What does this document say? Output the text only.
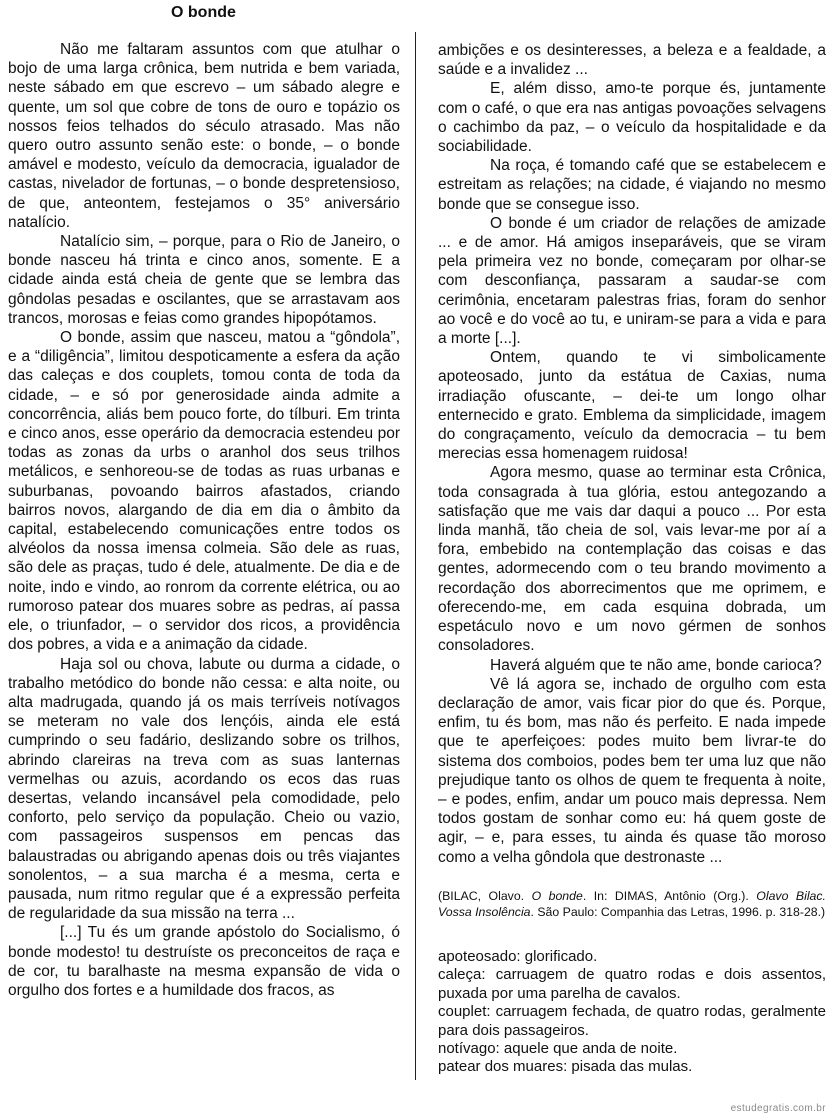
O bonde

Não me faltaram assuntos com que atulhar o bojo de uma larga crônica, bem nutrida e bem variada, neste sábado em que escrevo – um sábado alegre e quente, um sol que cobre de tons de ouro e topázio os nossos feios telhados do século atrasado. Mas não quero outro assunto senão este: o bonde, – o bonde amável e modesto, veículo da democracia, igualador de castas, nivelador de fortunas, – o bonde despretensioso, de que, anteontem, festejamos o 35° aniversário natalício.

Natalício sim, – porque, para o Rio de Janeiro, o bonde nasceu há trinta e cinco anos, somente. E a cidade ainda está cheia de gente que se lembra das gôndolas pesadas e oscilantes, que se arrastavam aos trancos, morosas e feias como grandes hipopótamos.

O bonde, assim que nasceu, matou a “gôndola”, e a “diligência”, limitou despoticamente a esfera da ação das caleças e dos couplets, tomou conta de toda da cidade, – e só por generosidade ainda admite a concorrência, aliás bem pouco forte, do tílburi. Em trinta e cinco anos, esse operário da democracia estendeu por todas as zonas da urbs o aranhol dos seus trilhos metálicos, e senhoreou-se de todas as ruas urbanas e suburbanas, povoando bairros afastados, criando bairros novos, alargando de dia em dia o âmbito da capital, estabelecendo comunicações entre todos os alvéolos da nossa imensa colmeia. São dele as ruas, são dele as praças, tudo é dele, atualmente. De dia e de noite, indo e vindo, ao ronrom da corrente elétrica, ou ao rumoroso patear dos muares sobre as pedras, aí passa ele, o triunfador, – o servidor dos ricos, a providência dos pobres, a vida e a animação da cidade.

Haja sol ou chova, labute ou durma a cidade, o trabalho metódico do bonde não cessa: e alta noite, ou alta madrugada, quando já os mais terríveis notívagos se meteram no vale dos lençóis, ainda ele está cumprindo o seu fadário, deslizando sobre os trilhos, abrindo clareiras na treva com as suas lanternas vermelhas ou azuis, acordando os ecos das ruas desertas, velando incansável pela comodidade, pelo conforto, pelo serviço da população. Cheio ou vazio, com passageiros suspensos em pencas das balaustradas ou abrigando apenas dois ou três viajantes sonolentos, – a sua marcha é a mesma, certa e pausada, num ritmo regular que é a expressão perfeita de regularidade da sua missão na terra ...

[...] Tu és um grande apóstolo do Socialismo, ó bonde modesto! tu destruíste os preconceitos de raça e de cor, tu baralhaste na mesma expansão de vida o orgulho dos fortes e a humildade dos fracos, as

ambições e os desinteresses, a beleza e a fealdade, a saúde e a invalidez ...

E, além disso, amo-te porque és, juntamente com o café, o que era nas antigas povoações selvagens o cachimbo da paz, – o veículo da hospitalidade e da sociabilidade.

Na roça, é tomando café que se estabelecem e estreitam as relações; na cidade, é viajando no mesmo bonde que se consegue isso.

O bonde é um criador de relações de amizade ... e de amor. Há amigos inseparáveis, que se viram pela primeira vez no bonde, começaram por olhar-se com desconfiança, passaram a saudar-se com cerimônia, encetaram palestras frias, foram do senhor ao você e do você ao tu, e uniram-se para a vida e para a morte [...].

Ontem, quando te vi simbolicamente apoteosado, junto da estátua de Caxias, numa irradiação ofuscante, – dei-te um longo olhar enternecido e grato. Emblema da simplicidade, imagem do congraçamento, veículo da democracia – tu bem merecias essa homenagem ruidosa!

Agora mesmo, quase ao terminar esta Crônica, toda consagrada à tua glória, estou antegozando a satisfação que me vais dar daqui a pouco ... Por esta linda manhã, tão cheia de sol, vais levar-me por aí a fora, embebido na contemplação das coisas e das gentes, adormecendo com o teu brando movimento a recordação dos aborrecimentos que me oprimem, e oferecendo-me, em cada esquina dobrada, um espetáculo novo e um novo gérmen de sonhos consoladores.

Haverá alguém que te não ame, bonde carioca?

Vê lá agora se, inchado de orgulho com esta declaração de amor, vais ficar pior do que és. Porque, enfim, tu és bom, mas não és perfeito. E nada impede que te aperfeiçoes: podes muito bem livrar-te do sistema dos comboios, podes bem ter uma luz que não prejudique tanto os olhos de quem te frequenta à noite, – e podes, enfim, andar um pouco mais depressa. Nem todos gostam de sonhar como eu: há quem goste de agir, – e, para esses, tu ainda és quase tão moroso como a velha gôndola que destronaste ...

(BILAC, Olavo. O bonde. In: DIMAS, Antônio (Org.). Olavo Bilac. Vossa Insolência. São Paulo: Companhia das Letras, 1996. p. 318-28.)

apoteosado: glorificado.
caleça: carruagem de quatro rodas e dois assentos, puxada por uma parelha de cavalos.
couplet: carruagem fechada, de quatro rodas, geralmente para dois passageiros.
notívago: aquele que anda de noite.
patear dos muares: pisada das mulas.
estudegratis.com.br
